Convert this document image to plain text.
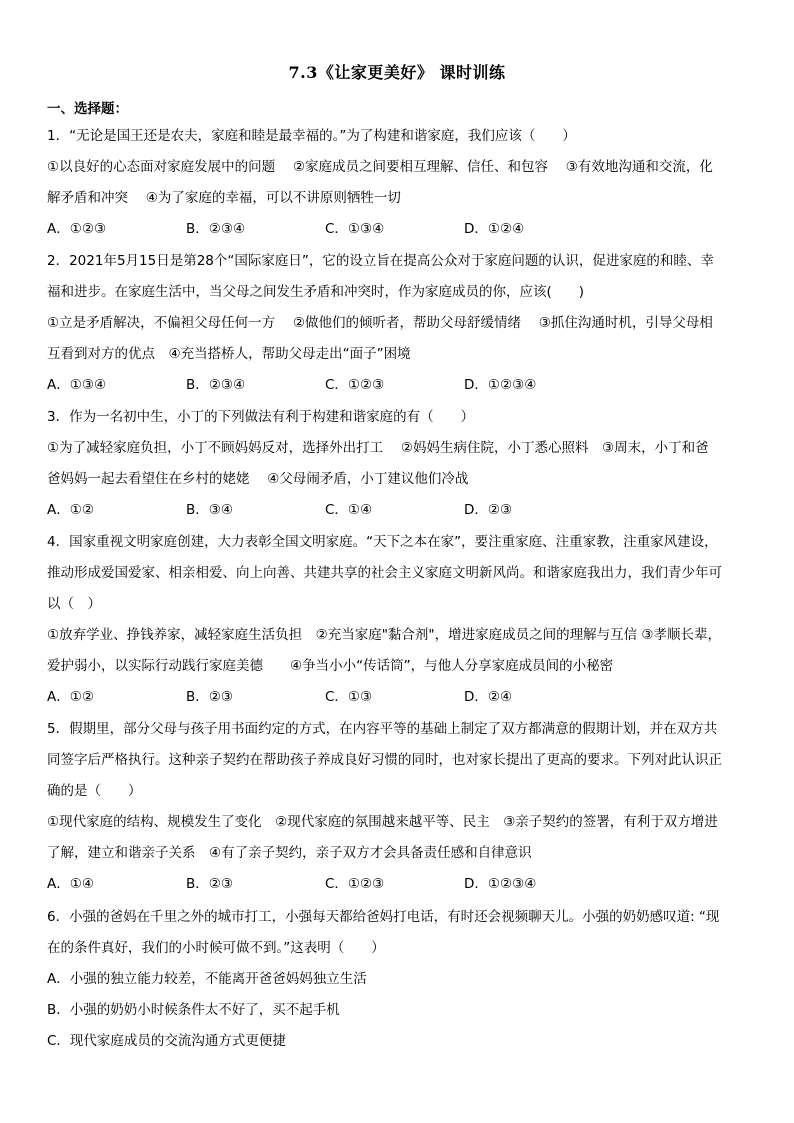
7.3《让家更美好》 课时训练
一、选择题：
1．“无论是国王还是农夫，家庭和睦是最幸福的。”为了构建和谐家庭，我们应该（　　）
①以良好的心态面对家庭发展中的问题　 ②家庭成员之间要相互理解、信任、和包容　 ③有效地沟通和交流，化
解矛盾和冲突　 ④为了家庭的幸福，可以不讲原则牺牲一切
A．①②③	B．②③④	C．①③④	D．①②④
2．2021年5月15日是第28个“国际家庭日”，它的设立旨在提高公众对于家庭问题的认识，促进家庭的和睦、幸
福和进步。在家庭生活中，当父母之间发生矛盾和冲突时，作为家庭成员的你，应该(　　)
①立是矛盾解决，不偏袒父母任何一方　 ②做他们的倾听者，帮助父母舒缓情绪　 ③抓住沟通时机，引导父母相
互看到对方的优点　④充当搭桥人，帮助父母走出“面子”困境
A．①③④	B．②③④	C．①②③	D．①②③④
3．作为一名初中生，小丁的下列做法有利于构建和谐家庭的有（　　）
①为了减轻家庭负担，小丁不顾妈妈反对，选择外出打工　 ②妈妈生病住院，小丁悉心照料　③周末，小丁和爸
爸妈妈一起去看望住在乡村的姥姥　 ④父母闹矛盾，小丁建议他们冷战
A．①②	B．③④	C．①④	D．②③
4．国家重视文明家庭创建，大力表彰全国文明家庭。“天下之本在家”，要注重家庭、注重家教，注重家风建设，
推动形成爱国爱家、相亲相爱、向上向善、共建共享的社会主义家庭文明新风尚。和谐家庭我出力，我们青少年可
以（　）
①放弃学业、挣钱养家，减轻家庭生活负担　②充当家庭"黏合剂"，增进家庭成员之间的理解与互信 ③孝顺长辈，
爱护弱小，以实际行动践行家庭美德　　④争当小小“传话筒”，与他人分享家庭成员间的小秘密
A．①②	B．②③	C．①③	D．②④
5．假期里，部分父母与孩子用书面约定的方式，在内容平等的基础上制定了双方都满意的假期计划，并在双方共
同签字后严格执行。这种亲子契约在帮助孩子养成良好习惯的同时，也对家长提出了更高的要求。下列对此认识正
确的是（　　）
①现代家庭的结构、规模发生了变化　②现代家庭的氛围越来越平等、民主　③亲子契约的签署，有利于双方增进
了解，建立和谐亲子关系　④有了亲子契约，亲子双方才会具备责任感和自律意识
A．①④	B．②③	C．①②③	D．①②③④
6．小强的爸妈在千里之外的城市打工，小强每天都给爸妈打电话，有时还会视频聊天儿。小强的奶奶感叹道: “现
在的条件真好，我们的小时候可做不到。”这表明（　　）
A．小强的独立能力较差，不能离开爸爸妈妈独立生活
B．小强的奶奶小时候条件太不好了，买不起手机
C．现代家庭成员的交流沟通方式更便捷
